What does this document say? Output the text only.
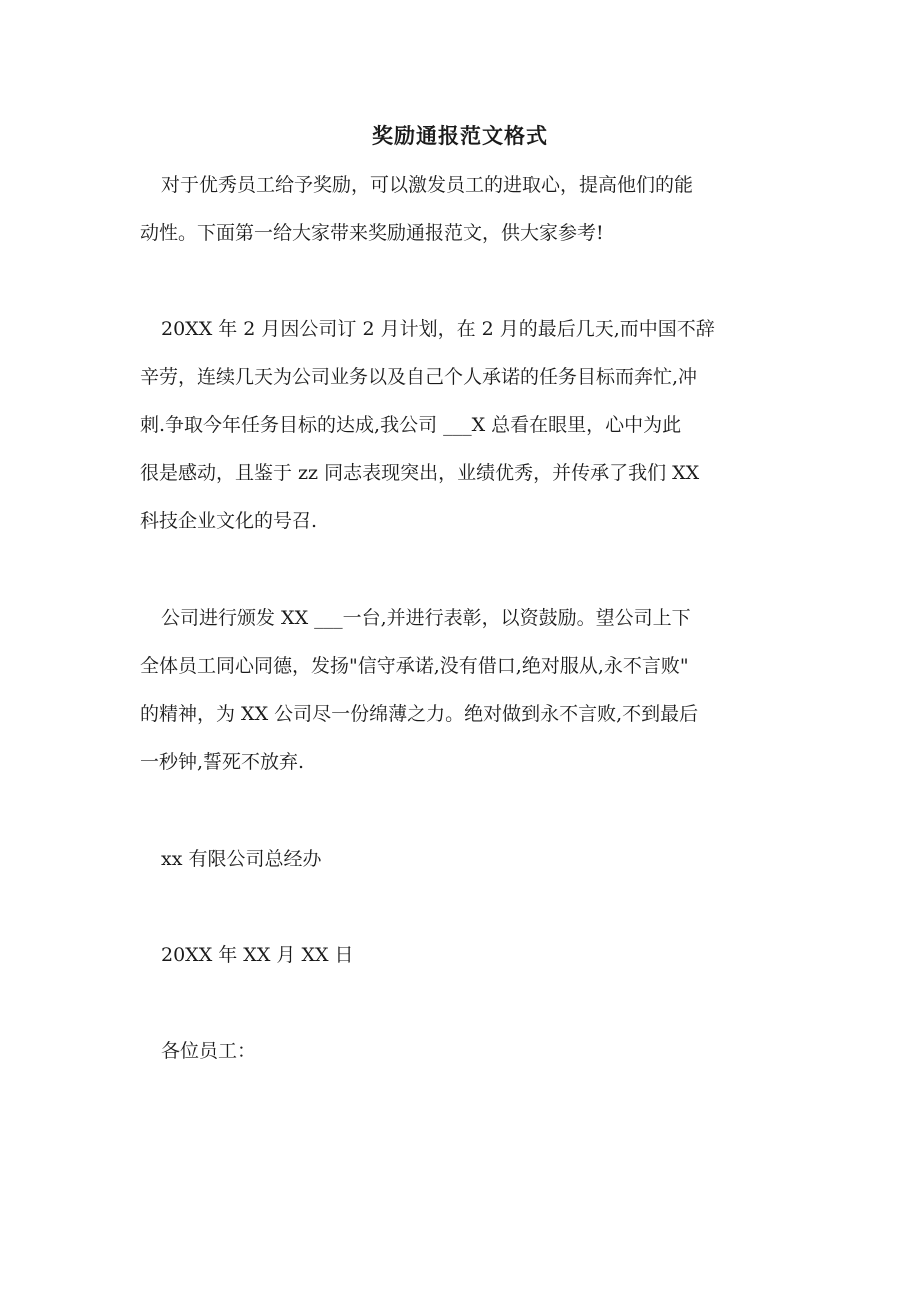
奖励通报范文格式
对于优秀员工给予奖励，可以激发员工的进取心，提高他们的能
动性。下面第一给大家带来奖励通报范文，供大家参考!
20XX 年 2 月因公司订 2 月计划，在 2 月的最后几天,而中国不辞
辛劳，连续几天为公司业务以及自己个人承诺的任务目标而奔忙,冲
刺.争取今年任务目标的达成,我公司 ___X 总看在眼里，心中为此
很是感动，且鉴于 zz 同志表现突出，业绩优秀，并传承了我们 XX
科技企业文化的号召.
公司进行颁发 XX ___一台,并进行表彰，以资鼓励。望公司上下
全体员工同心同德，发扬"信守承诺,没有借口,绝对服从,永不言败"
的精神，为 XX 公司尽一份绵薄之力。绝对做到永不言败,不到最后
一秒钟,誓死不放弃.
xx 有限公司总经办
20XX 年 XX 月 XX 日
各位员工：
